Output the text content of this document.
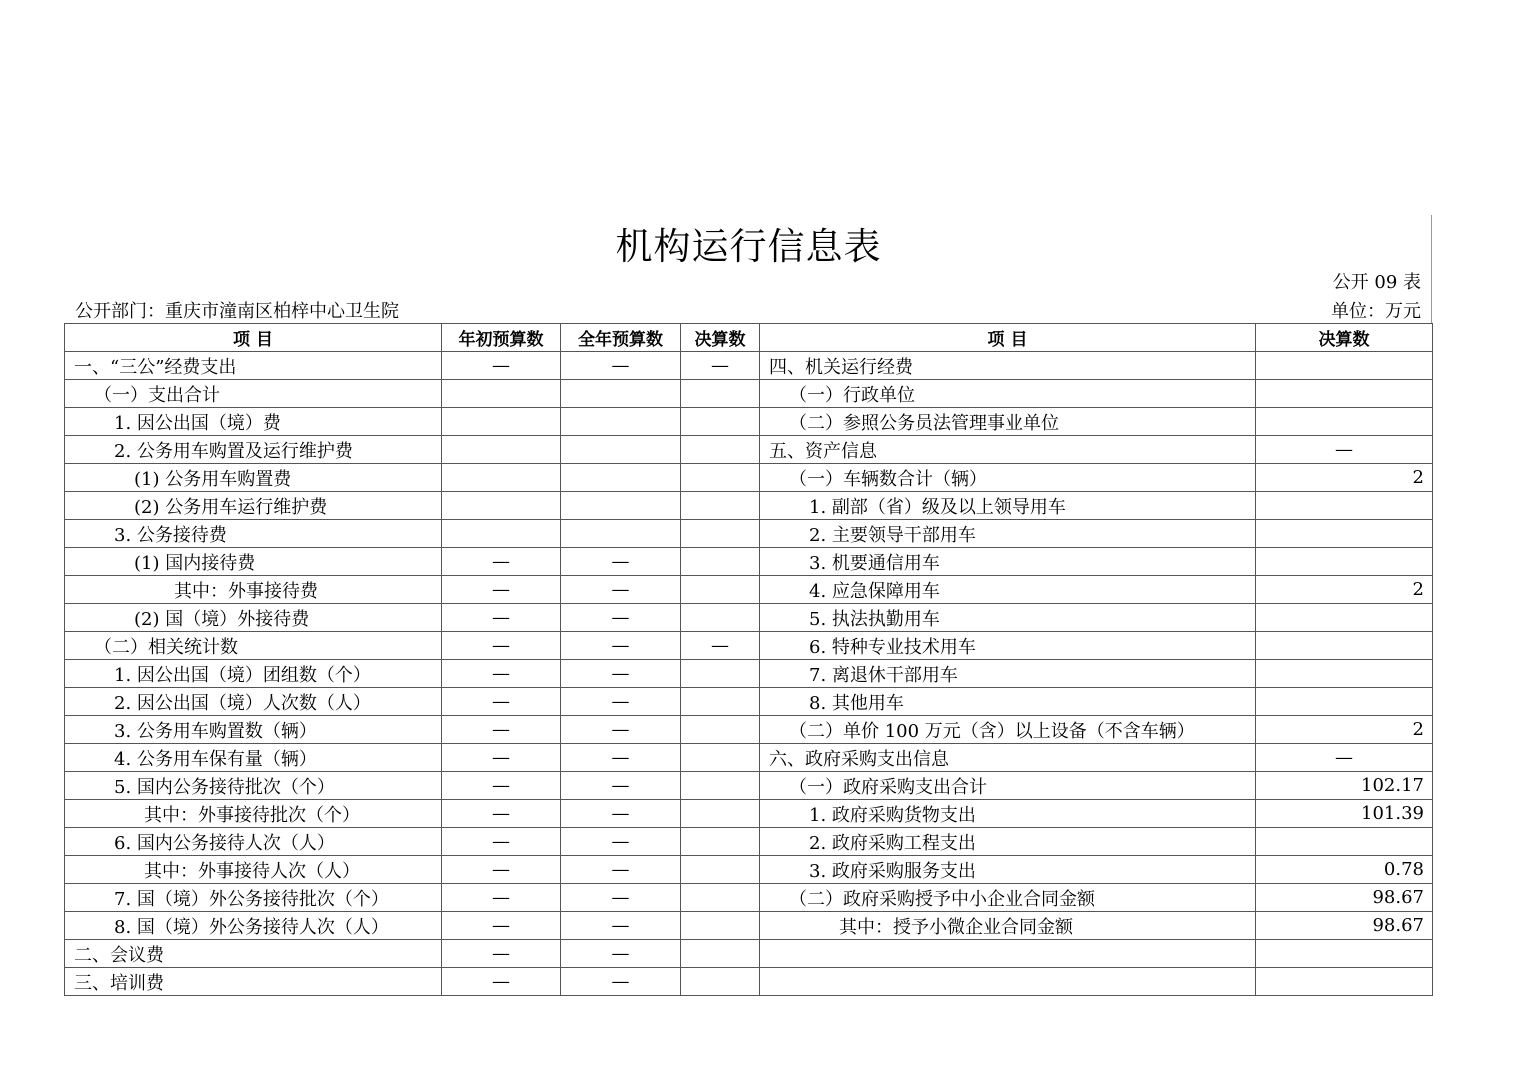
机构运行信息表
公开 09 表
公开部门：重庆市潼南区柏梓中心卫生院	单位：万元
项 目	年初预算数	全年预算数	决算数	项 目	决算数
一、“三公”经费支出	—	—	—	四、机关运行经费	
（一）支出合计				（一）行政单位	
1. 因公出国（境）费				（二）参照公务员法管理事业单位	
2. 公务用车购置及运行维护费				五、资产信息	—
(1) 公务用车购置费				（一）车辆数合计（辆）	2
(2) 公务用车运行维护费				1. 副部（省）级及以上领导用车	
3. 公务接待费				2. 主要领导干部用车	
(1) 国内接待费	—	—		3. 机要通信用车	
其中：外事接待费	—	—		4. 应急保障用车	2
(2) 国（境）外接待费	—	—		5. 执法执勤用车	
（二）相关统计数	—	—	—	6. 特种专业技术用车	
1. 因公出国（境）团组数（个）	—	—		7. 离退休干部用车	
2. 因公出国（境）人次数（人）	—	—		8. 其他用车	
3. 公务用车购置数（辆）	—	—		（二）单价 100 万元（含）以上设备（不含车辆）	2
4. 公务用车保有量（辆）	—	—		六、政府采购支出信息	—
5. 国内公务接待批次（个）	—	—		（一）政府采购支出合计	102.17
其中：外事接待批次（个）	—	—		1. 政府采购货物支出	101.39
6. 国内公务接待人次（人）	—	—		2. 政府采购工程支出	
其中：外事接待人次（人）	—	—		3. 政府采购服务支出	0.78
7. 国（境）外公务接待批次（个）	—	—		（二）政府采购授予中小企业合同金额	98.67
8. 国（境）外公务接待人次（人）	—	—		其中：授予小微企业合同金额	98.67
二、会议费	—	—			
三、培训费	—	—			
